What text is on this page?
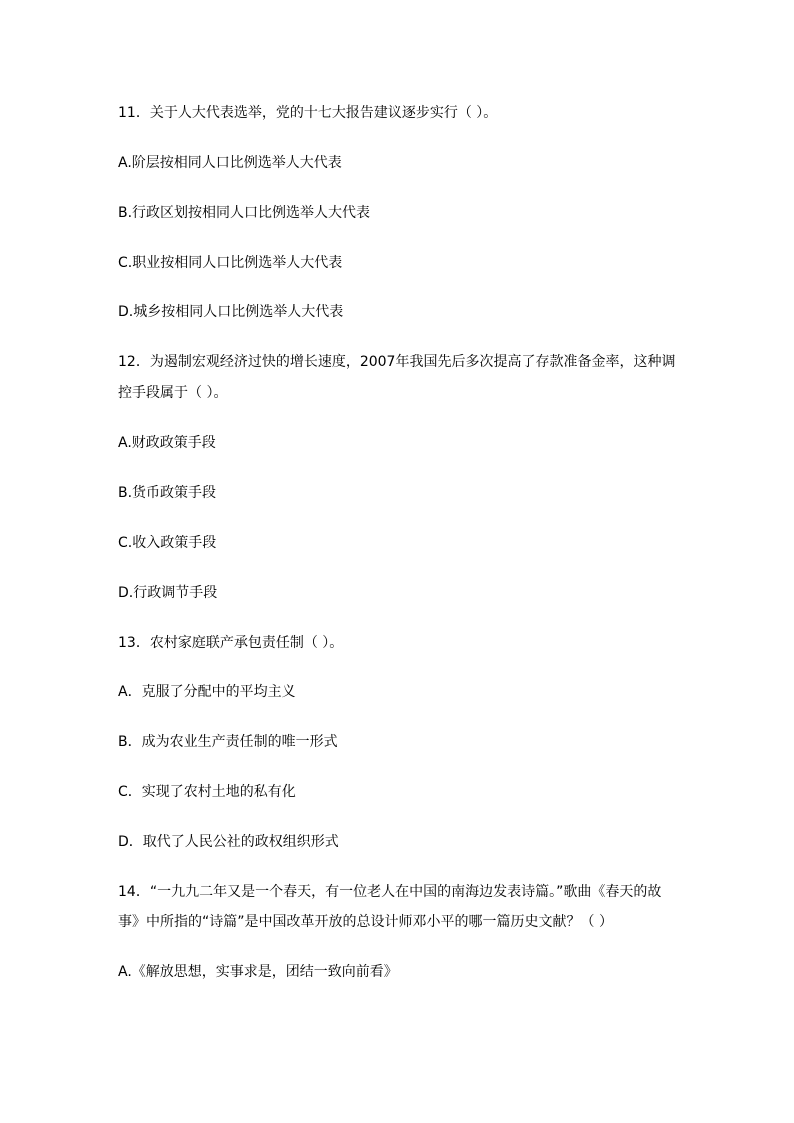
11．关于人大代表选举，党的十七大报告建议逐步实行（ ）。
A.阶层按相同人口比例选举人大代表
B.行政区划按相同人口比例选举人大代表
C.职业按相同人口比例选举人大代表
D.城乡按相同人口比例选举人大代表
12．为遏制宏观经济过快的增长速度，2007年我国先后多次提高了存款准备金率，这种调
控手段属于（ ）。
A.财政政策手段
B.货币政策手段
C.收入政策手段
D.行政调节手段
13．农村家庭联产承包责任制（ ）。
A．克服了分配中的平均主义
B．成为农业生产责任制的唯一形式
C．实现了农村土地的私有化
D．取代了人民公社的政权组织形式
14．“一九九二年又是一个春天，有一位老人在中国的南海边发表诗篇。”歌曲《春天的故
事》中所指的“诗篇”是中国改革开放的总设计师邓小平的哪一篇历史文献？（ ）
A.《解放思想，实事求是，团结一致向前看》
